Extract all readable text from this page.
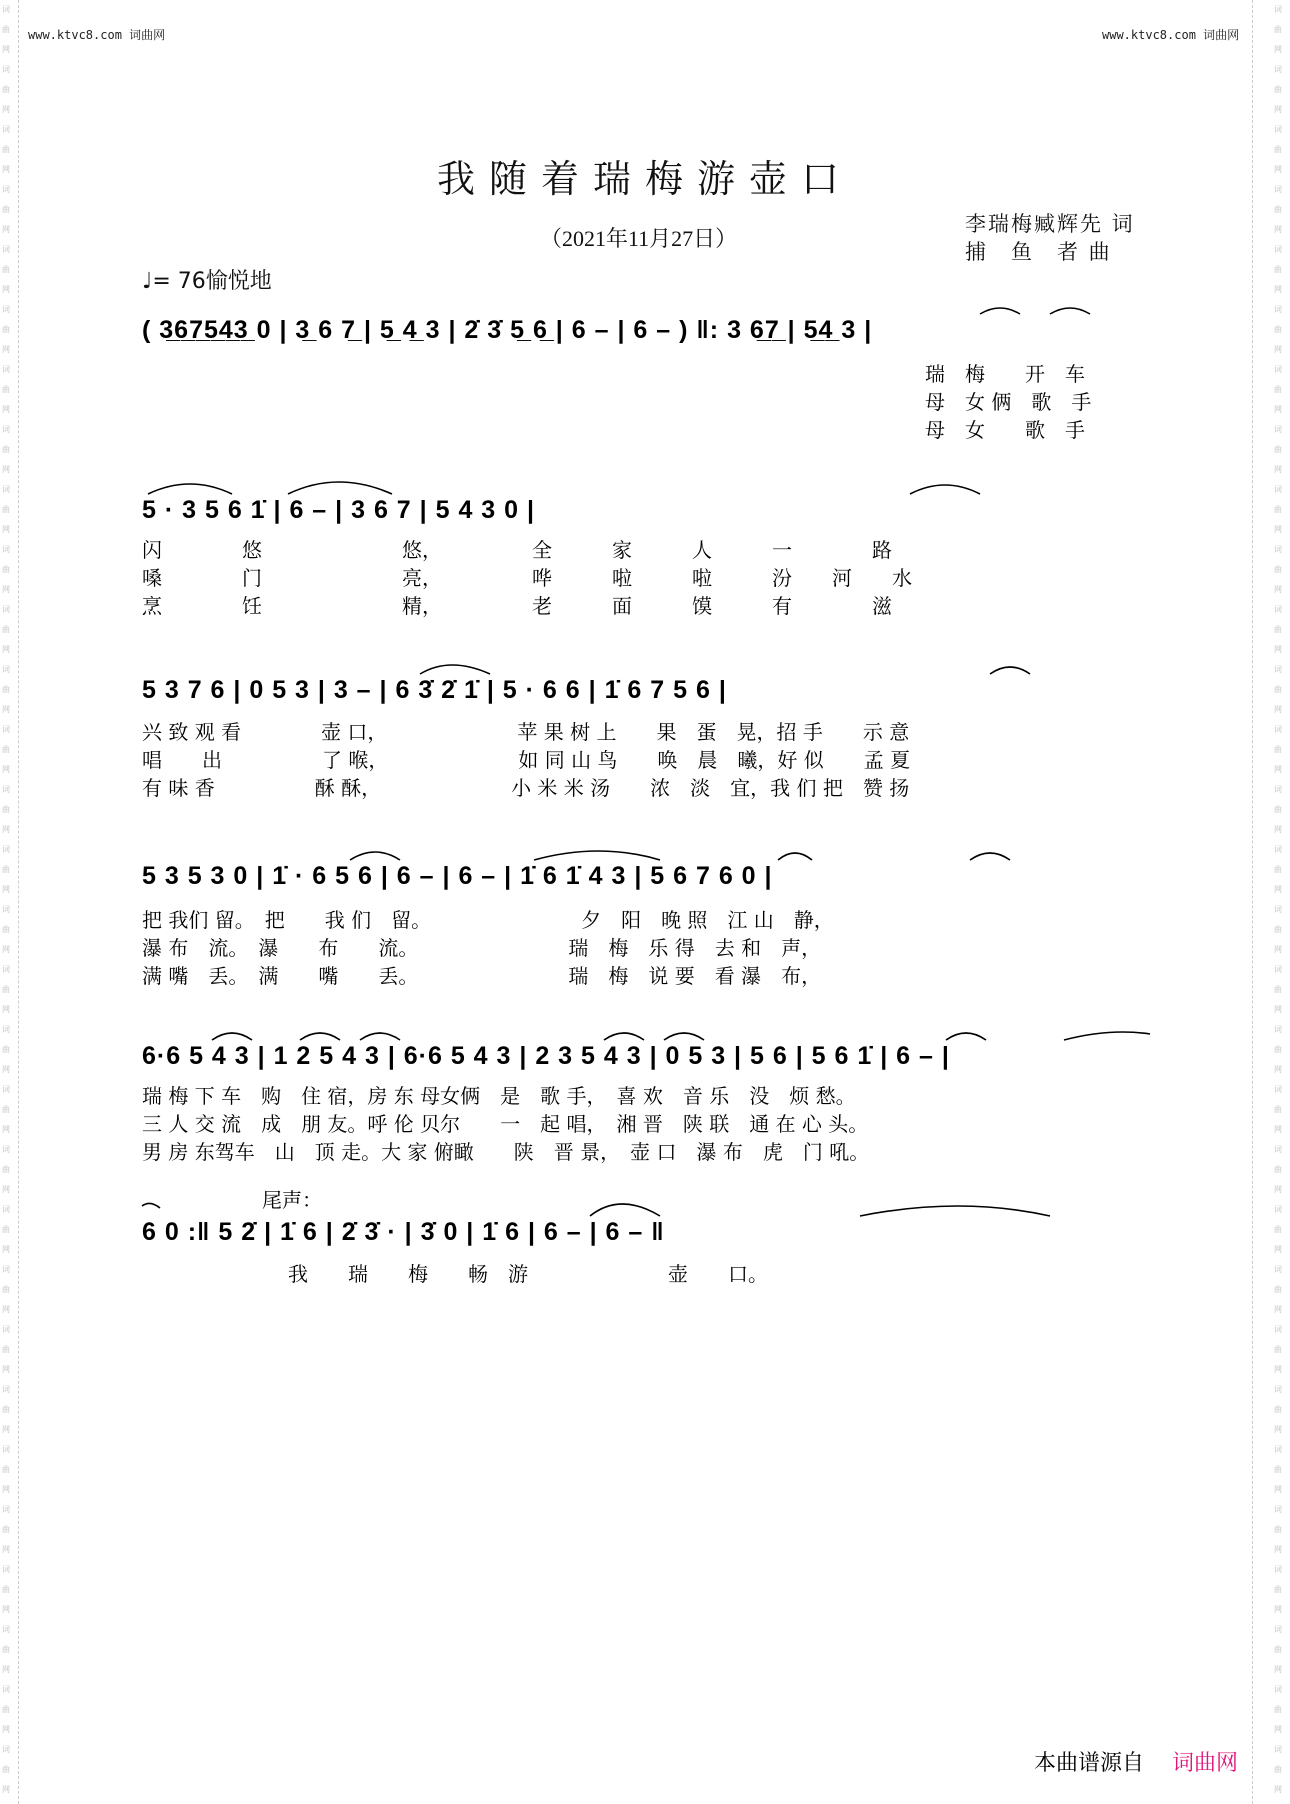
词曲网词曲网词曲网词曲网词曲网词曲网词曲网词曲网词曲网词曲网词曲网词曲网词曲网词曲网词曲网词曲网词曲网词曲网词曲网词曲网词曲网词曲网词曲网词曲网词曲网词曲网词曲网词曲网词曲网词曲网
词曲网词曲网词曲网词曲网词曲网词曲网词曲网词曲网词曲网词曲网词曲网词曲网词曲网词曲网词曲网词曲网词曲网词曲网词曲网词曲网词曲网词曲网词曲网词曲网词曲网词曲网词曲网词曲网词曲网词曲网
www.ktvc8.com 词曲网	www.ktvc8.com 词曲网
我随着瑞梅游壶口
（2021年11月27日）
李瑞梅臧辉先 词
捕　鱼　者 曲
♩= 76愉悦地
( 3̲6̲7̲5̲4̲3̲ 0 | 3̲ 6 7̲ | 5̲ 4̲ 3 | 2̇ 3̇ 5̲ 6̲ | 6 – | 6 – ) ‖: 3 6̲7̲ | 5̲4̲ 3 |
瑞　梅　　开　车
母　女 俩　歌　手
母　女　　歌　手
5 · 3 5 6 1̇ | 6 – | 3 6 7 | 5 4 3 0 |
闪　　　　悠　　　　　　　悠，　　　　　全　　　家　　　人　　　一　　　　路
嗓　　　　门　　　　　　　亮，　　　　　哗　　　啦　　　啦　　　汾　　河　　水
烹　　　　饪　　　　　　　精，　　　　　老　　　面　　　馍　　　有　　　　滋
5 3 7 6 | 0 5 3 | 3 – | 6 3̇ 2̇ 1̇ | 5 · 6 6 | 1̇ 6 7 5 6 |
兴 致 观 看　　　　壶 口，　　　　　　　苹 果 树 上　　果　蛋　晃，招 手　　示 意
唱　　出　　　　　了 喉，　　　　　　　如 同 山 鸟　　唤　晨　曦，好 似　　孟 夏
有 味 香　　　　　酥 酥，　　　　　　　小 米 米 汤　　浓　淡　宜，我 们 把　赞 扬
5 3 5 3 0 | 1̇ · 6 5 6 | 6 – | 6 – | 1̇ 6 1̇ 4 3 | 5 6 7 6 0 |
把 我们 留。　把　　我 们　留。　　　　　　　　夕　阳　晚 照　江 山　静，
瀑 布　流。　瀑　　布　　流。　　　　　　　　瑞　梅　乐 得　去 和　声，
满 嘴　丢。　满　　嘴　　丢。　　　　　　　　瑞　梅　说 要　看 瀑　布，
6·6 5 4 3 | 1 2 5 4 3 | 6·6 5 4 3 | 2 3 5 4 3 | 0 5 3 | 5 6 | 5 6 1̇ | 6 – |
瑞 梅 下 车　购　住 宿，房 东 母女俩　是　歌 手，　喜 欢　音 乐　没　烦 愁。
三 人 交 流　成　朋 友。呼 伦 贝尔　　一　起 唱，　湘 晋　陕 联　通 在 心 头。
男 房 东驾车　山　顶 走。大 家 俯瞰　　陕　晋 景，　壶 口　瀑 布　虎　门 吼。
尾声：
6 0 :‖ 5 2̇ | 1̇ 6 | 2̇ 3̇ · | 3̇ 0 | 1̇ 6 | 6 – | 6 – ‖
我　　瑞　　梅　　畅　游　　　　　　　壶　　口。
本曲谱源自 词曲网
